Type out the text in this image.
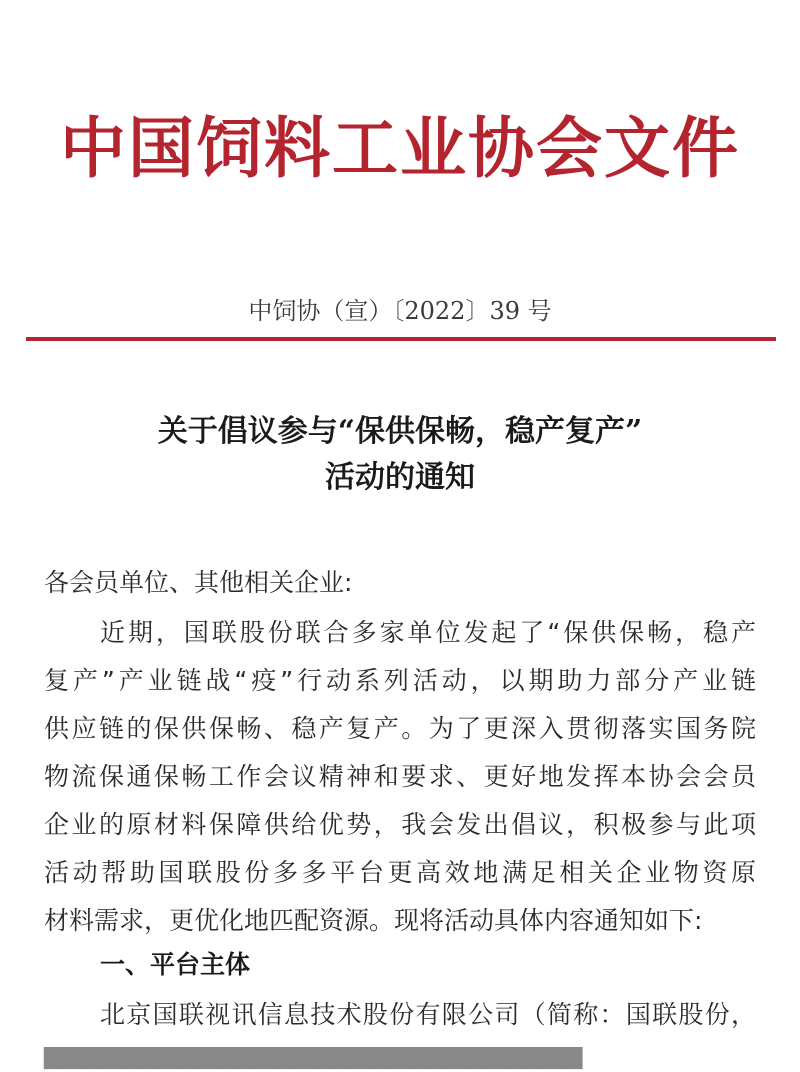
中国饲料工业协会文件
中饲协（宣）〔2022〕39 号
关于倡议参与“保供保畅，稳产复产”
活动的通知
各会员单位、其他相关企业:
近期，国联股份联合多家单位发起了“保供保畅，稳产
复产”产业链战“疫”行动系列活动，以期助力部分产业链
供应链的保供保畅、稳产复产。为了更深入贯彻落实国务院
物流保通保畅工作会议精神和要求、更好地发挥本协会会员
企业的原材料保障供给优势，我会发出倡议，积极参与此项
活动帮助国联股份多多平台更高效地满足相关企业物资原
材料需求，更优化地匹配资源。现将活动具体内容通知如下:
一、平台主体
北京国联视讯信息技术股份有限公司（简称：国联股份，
▆▆▆▆▆▆▆▆▆▆▆▆▆▆▆▆▆▆▆▆▆▆▆▆▆▆▆▆
